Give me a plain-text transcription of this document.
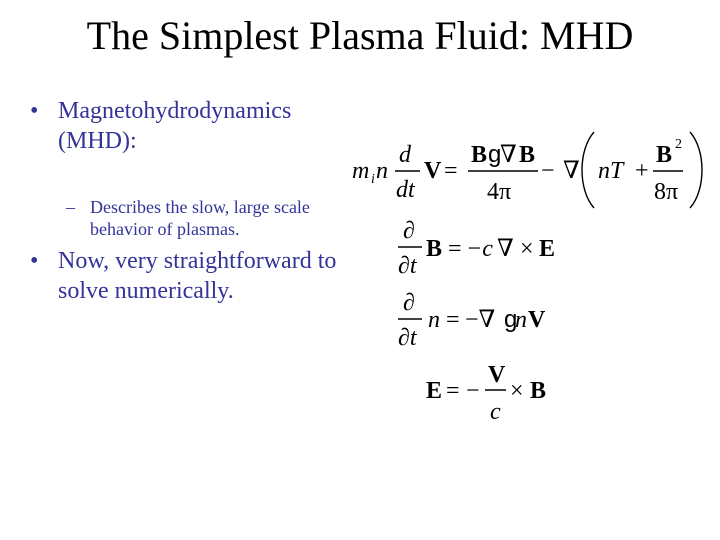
The Simplest Plasma Fluid: MHD
• Magnetohydrodynamics (MHD):
– Describes the slow, large scale behavior of plasmas.
• Now, very straightforward to solve numerically.
m i n
d
dt
V =
B g
∇ B
4π
− ∇ nT +
B 2
8π
∂
∂t
B = −c ∇ × E
∂
∂t
n = −∇ g
n V
E = −
V
c
× B
